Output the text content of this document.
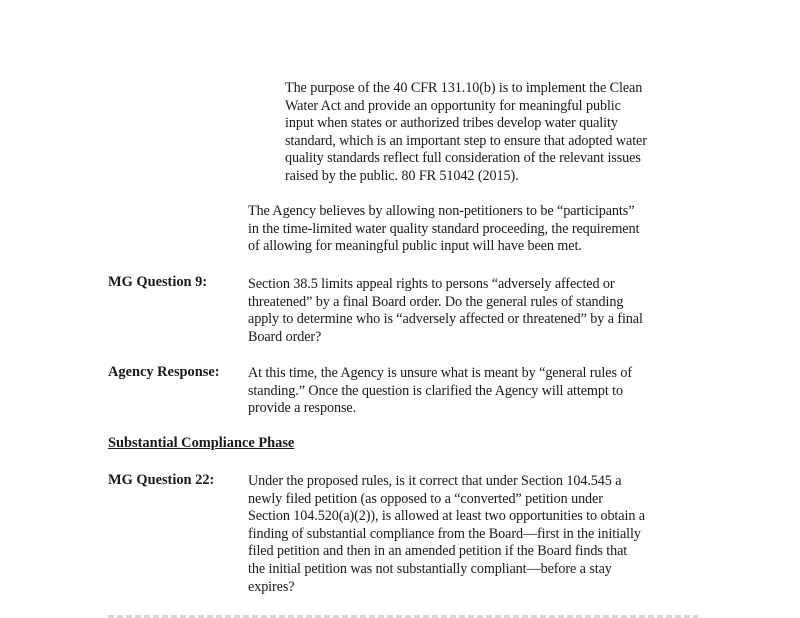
The purpose of the 40 CFR 131.10(b) is to implement the Clean
Water Act and provide an opportunity for meaningful public
input when states or authorized tribes develop water quality
standard, which is an important step to ensure that adopted water
quality standards reflect full consideration of the relevant issues
raised by the public. 80 FR 51042 (2015).
The Agency believes by allowing non-petitioners to be “participants”
in the time-limited water quality standard proceeding, the requirement
of allowing for meaningful public input will have been met.
MG Question 9:	Section 38.5 limits appeal rights to persons “adversely affected or
threatened” by a final Board order. Do the general rules of standing
apply to determine who is “adversely affected or threatened” by a final
Board order?
Agency Response: At this time, the Agency is unsure what is meant by “general rules of
standing.” Once the question is clarified the Agency will attempt to
provide a response.
Substantial Compliance Phase
MG Question 22: Under the proposed rules, is it correct that under Section 104.545 a
newly filed petition (as opposed to a “converted” petition under
Section 104.520(a)(2)), is allowed at least two opportunities to obtain a
finding of substantial compliance from the Board—first in the initially
filed petition and then in an amended petition if the Board finds that
the initial petition was not substantially compliant—before a stay
expires?
